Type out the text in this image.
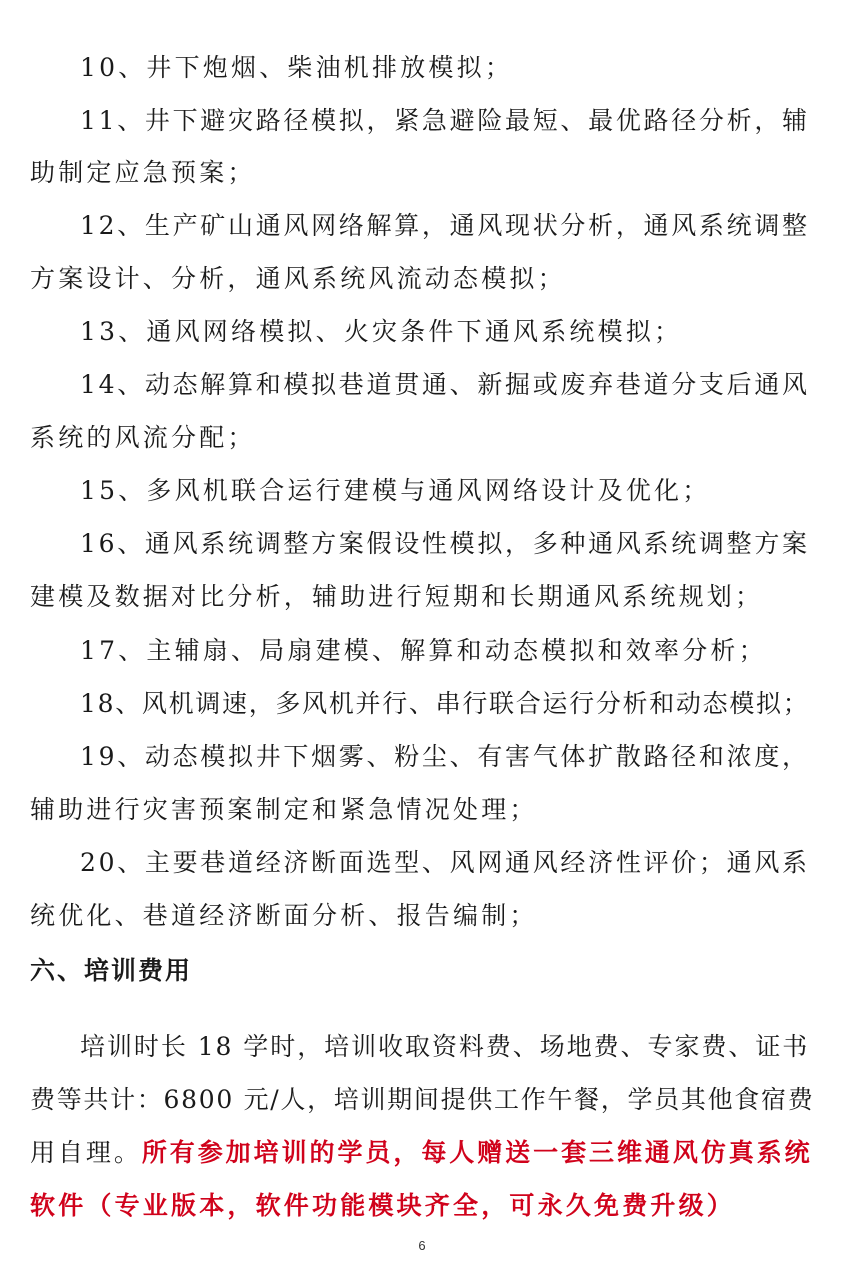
10、井下炮烟、柴油机排放模拟；
11、井下避灾路径模拟，紧急避险最短、最优路径分析，辅
助制定应急预案；
12、生产矿山通风网络解算，通风现状分析，通风系统调整
方案设计、分析，通风系统风流动态模拟；
13、通风网络模拟、火灾条件下通风系统模拟；
14、动态解算和模拟巷道贯通、新掘或废弃巷道分支后通风
系统的风流分配；
15、多风机联合运行建模与通风网络设计及优化；
16、通风系统调整方案假设性模拟，多种通风系统调整方案
建模及数据对比分析，辅助进行短期和长期通风系统规划；
17、主辅扇、局扇建模、解算和动态模拟和效率分析；
18、风机调速，多风机并行、串行联合运行分析和动态模拟；
19、动态模拟井下烟雾、粉尘、有害气体扩散路径和浓度，
辅助进行灾害预案制定和紧急情况处理；
20、主要巷道经济断面选型、风网通风经济性评价；通风系
统优化、巷道经济断面分析、报告编制；
六、培训费用
培训时长 18 学时，培训收取资料费、场地费、专家费、证书
费等共计：6800 元/人，培训期间提供工作午餐，学员其他食宿费
用自理。所有参加培训的学员，每人赠送一套三维通风仿真系统
软件（专业版本，软件功能模块齐全，可永久免费升级）
6
